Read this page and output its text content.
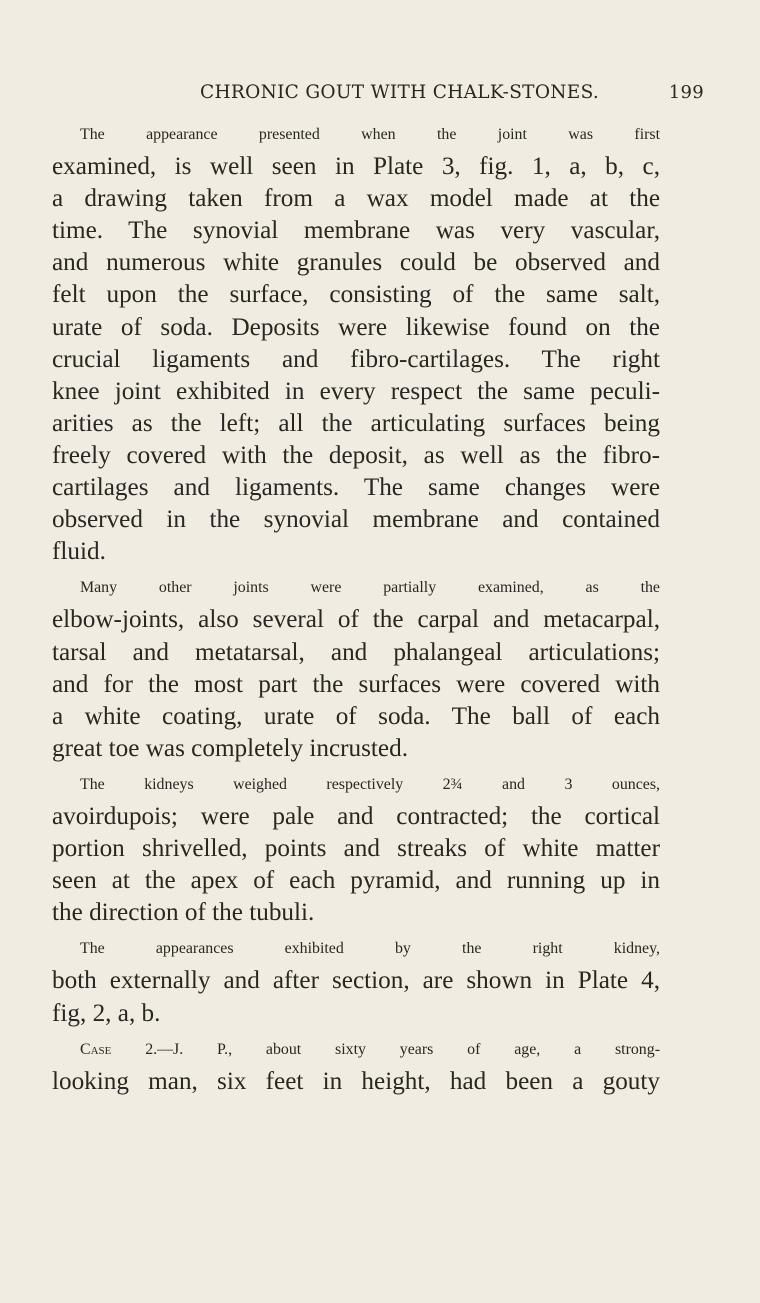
CHRONIC GOUT WITH CHALK-STONES.	199
The appearance presented when the joint was first
examined, is well seen in Plate 3, fig. 1, a, b, c,
a drawing taken from a wax model made at the
time. The synovial membrane was very vascular,
and numerous white granules could be observed and
felt upon the surface, consisting of the same salt,
urate of soda. Deposits were likewise found on the
crucial ligaments and fibro-cartilages. The right
knee joint exhibited in every respect the same peculi-
arities as the left; all the articulating surfaces being
freely covered with the deposit, as well as the fibro-
cartilages and ligaments. The same changes were
observed in the synovial membrane and contained
fluid.
Many other joints were partially examined, as the
elbow-joints, also several of the carpal and metacarpal,
tarsal and metatarsal, and phalangeal articulations;
and for the most part the surfaces were covered with
a white coating, urate of soda. The ball of each
great toe was completely incrusted.
The kidneys weighed respectively 2¾ and 3 ounces,
avoirdupois; were pale and contracted; the cortical
portion shrivelled, points and streaks of white matter
seen at the apex of each pyramid, and running up in
the direction of the tubuli.
The appearances exhibited by the right kidney,
both externally and after section, are shown in Plate 4,
fig, 2, a, b.
Case 2.—J. P., about sixty years of age, a strong-
looking man, six feet in height, had been a gouty
